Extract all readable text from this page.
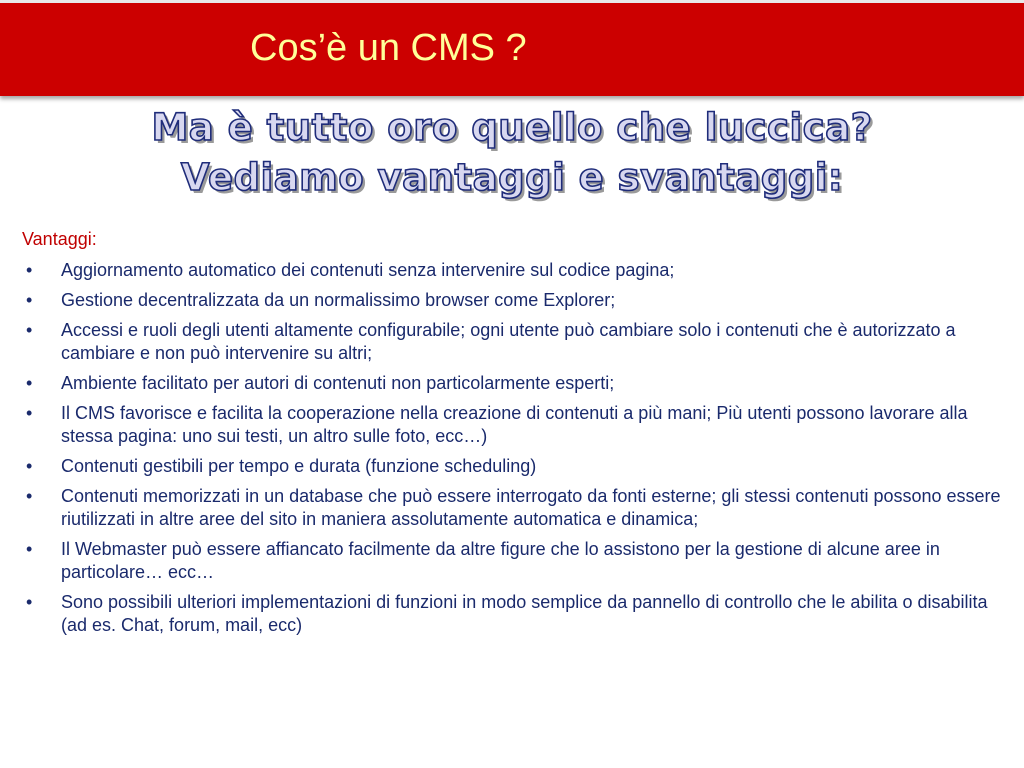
Cos’è un CMS ?
Ma è tutto oro quello che luccica?
Vediamo vantaggi e svantaggi:
Vantaggi:
• Aggiornamento automatico dei contenuti senza intervenire sul codice pagina;
• Gestione decentralizzata da un normalissimo browser come Explorer;
• Accessi e ruoli degli utenti altamente configurabile; ogni utente può cambiare solo i contenuti che è autorizzato a cambiare e non può intervenire su altri;
• Ambiente facilitato per autori di contenuti non particolarmente esperti;
• Il CMS favorisce e facilita la cooperazione nella creazione di contenuti a più mani; Più utenti possono lavorare alla stessa pagina: uno sui testi, un altro sulle foto, ecc…)
• Contenuti gestibili per tempo e durata (funzione scheduling)
• Contenuti memorizzati in un database che può essere interrogato da fonti esterne; gli stessi contenuti possono essere riutilizzati in altre aree del sito in maniera assolutamente automatica e dinamica;
• Il Webmaster può essere affiancato facilmente da altre figure che lo assistono per la gestione di alcune aree in particolare… ecc…
• Sono possibili ulteriori implementazioni di funzioni in modo semplice da pannello di controllo che le abilita o disabilita (ad es. Chat, forum, mail, ecc)
